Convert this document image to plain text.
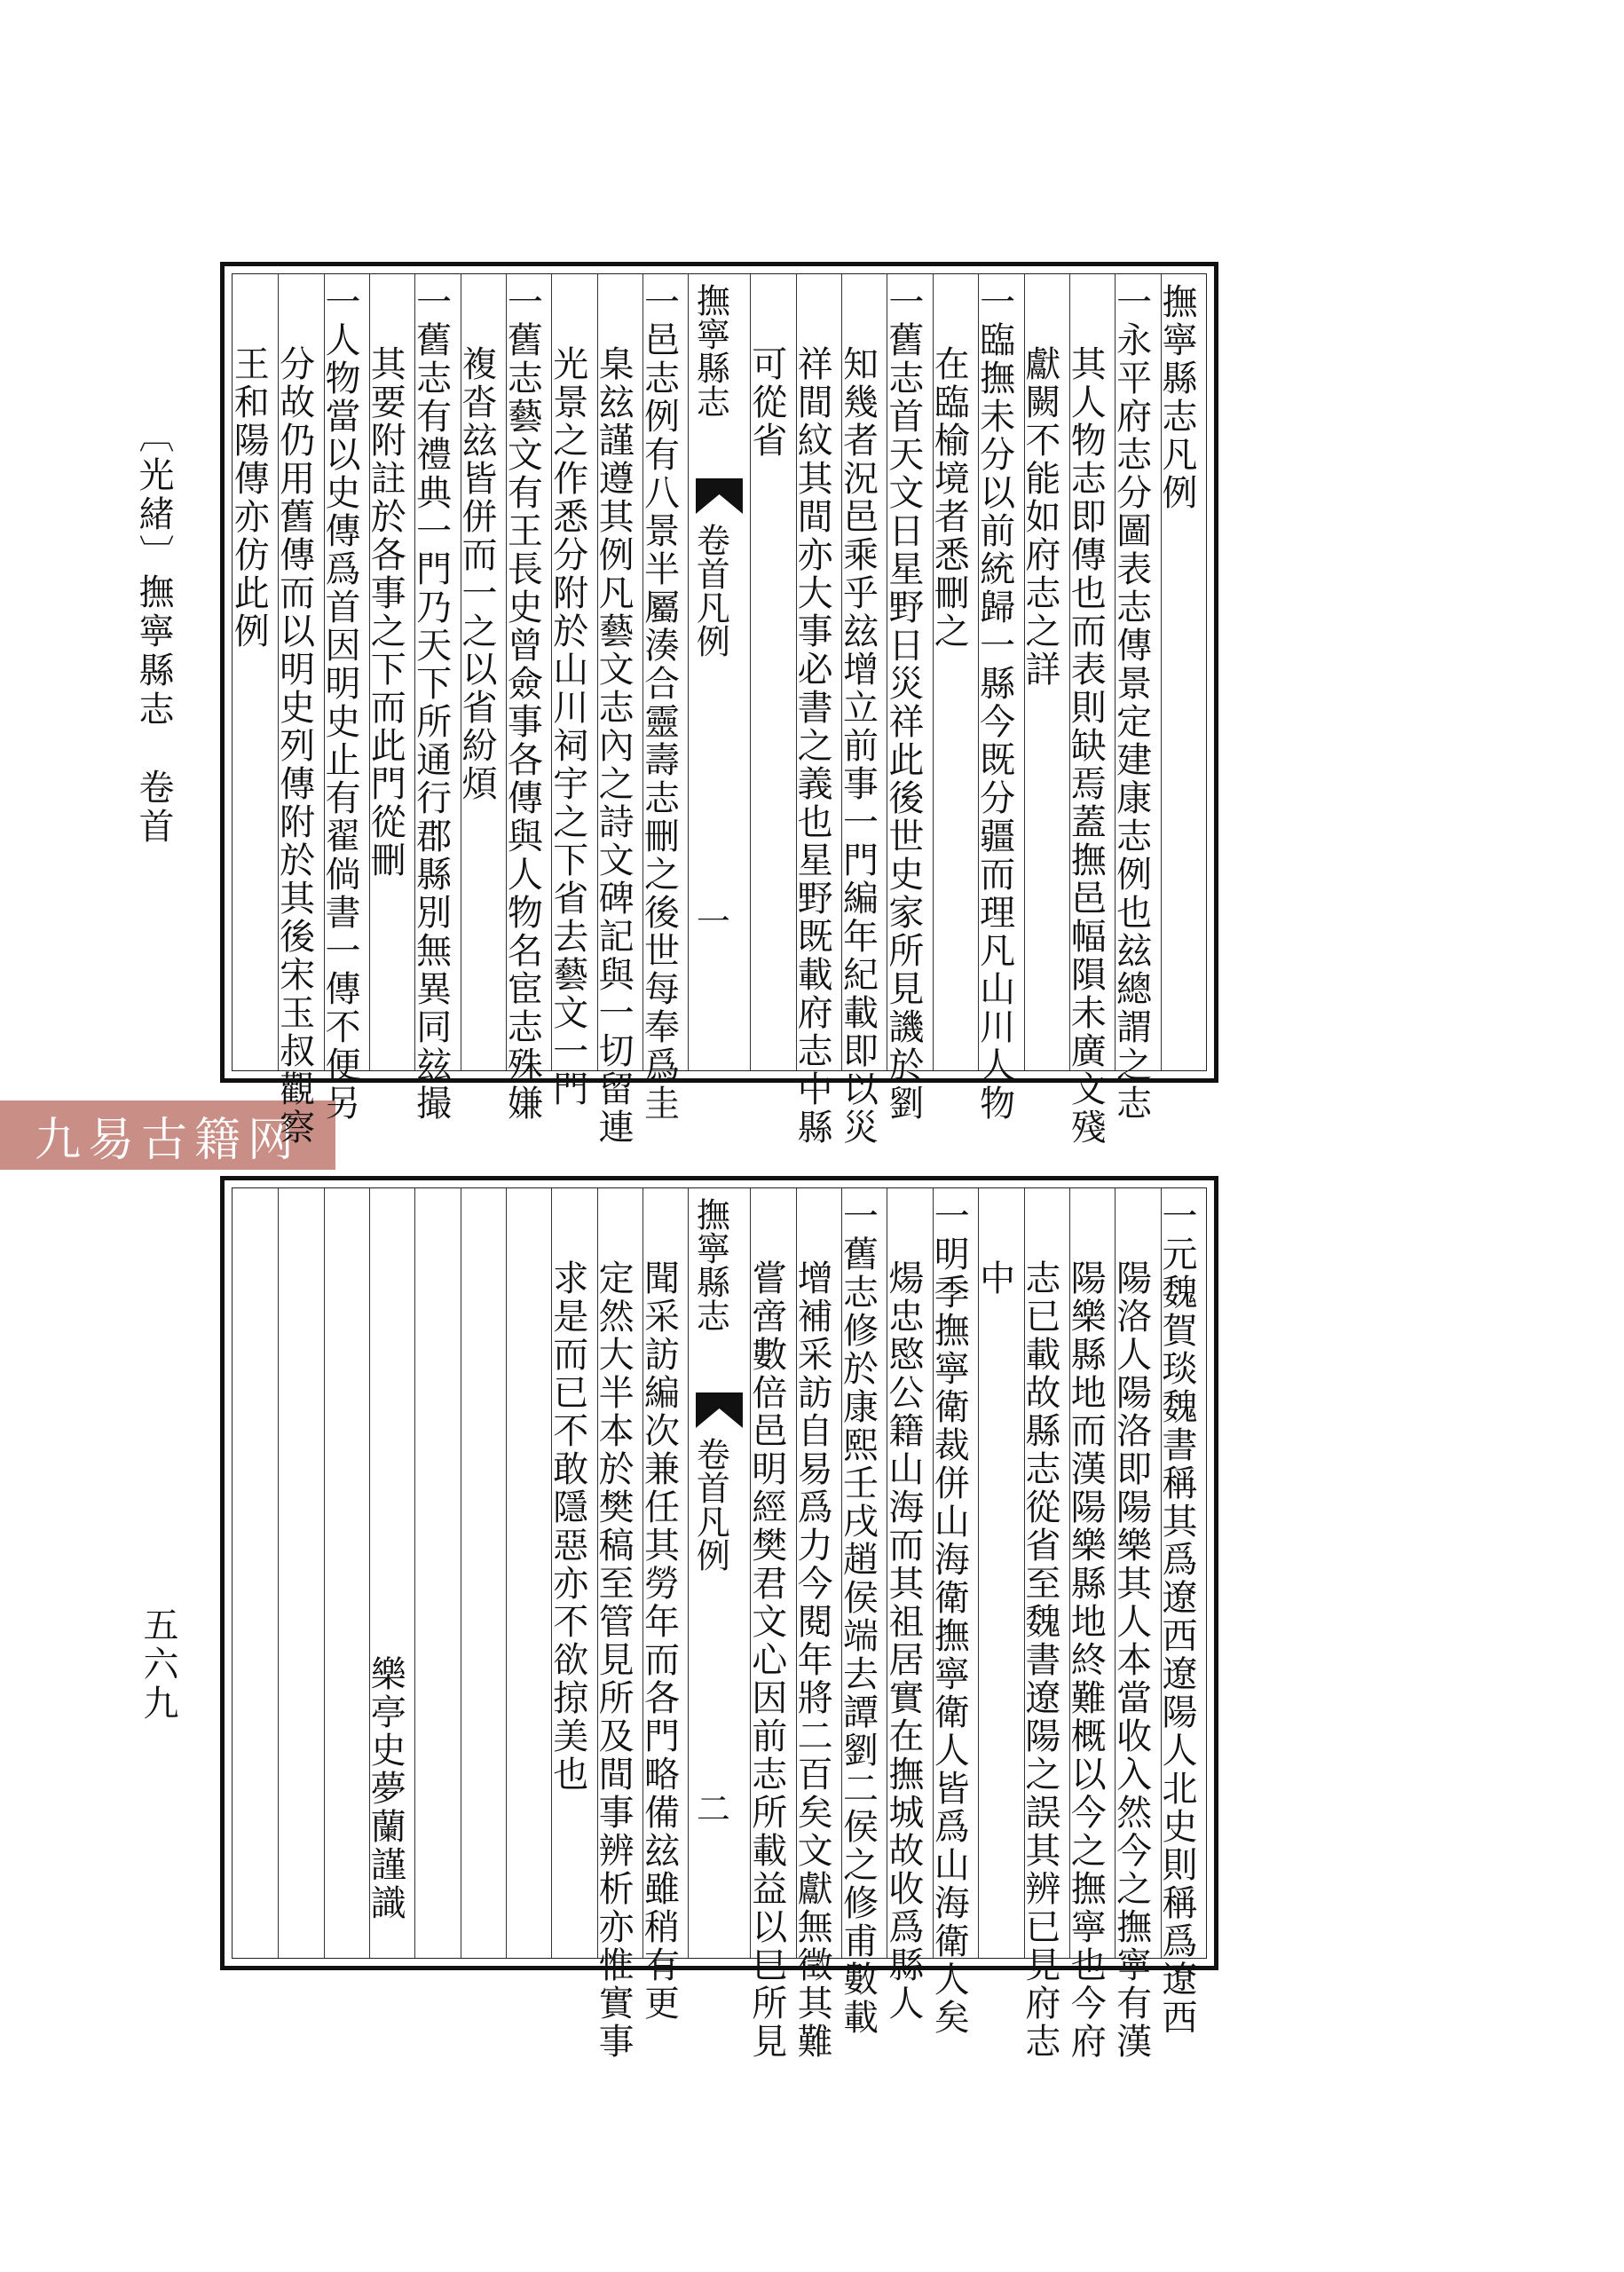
〔光緒〕撫寧縣志　卷首
五六九
九易古籍网
撫寧縣志凡例
一永平府志分圖表志傳景定建康志例也玆總謂之志
其人物志即傳也而表則缺焉蓋撫邑幅隕未廣文殘
獻闕不能如府志之詳
一臨撫未分以前統歸一縣今既分疆而理凡山川人物
在臨榆境者悉刪之
一舊志首天文日星野日災祥此後世史家所見譏於劉
知幾者況邑乘乎玆增立前事一門編年紀載即以災
祥間紋其間亦大事必書之義也星野既載府志中縣
可從省
撫寧縣志
卷首凡例
一
一邑志例有八景半屬湊合靈壽志刪之後世每奉爲圭
臬玆謹遵其例凡藝文志內之詩文碑記與一切留連
光景之作悉分附於山川祠宇之下省去藝文一門
一舊志藝文有王長史曾僉事各傳與人物名宦志殊嫌
複沓玆皆併而一之以省紛煩
一舊志有禮典一門乃天下所通行郡縣別無異同玆撮
其要附註於各事之下而此門從刪
一人物當以史傳爲首因明史止有翟倘書一傳不便另
分故仍用舊傳而以明史列傳附於其後宋玉叔觀察
王和陽傳亦仿此例
一元魏賀琰魏書稱其爲遼西遼陽人北史則稱爲遼西
陽洛人陽洛即陽樂其人本當收入然今之撫寧有漢
陽樂縣地而漢陽樂縣地終難概以今之撫寧也今府
志已載故縣志從省至魏書遼陽之誤其辨已見府志
中
一明季撫寧衛裁併山海衛撫寧衛人皆爲山海衛人矣
煬忠愍公籍山海而其祖居實在撫城故收爲縣人
一舊志修於康熙壬戌趙侯端去譚劉二侯之修甫數載
增補采訪自易爲力今閱年將二百矣文獻無徵其難
嘗啻數倍邑明經樊君文心因前志所載益以巳所見
撫寧縣志
卷首凡例
二
聞采訪編次兼任其勞年而各門略備玆雖稍有更
定然大半本於樊稿至管見所及間事辨析亦惟實事
求是而已不敢隱惡亦不欲掠美也
樂亭史夢蘭謹識
